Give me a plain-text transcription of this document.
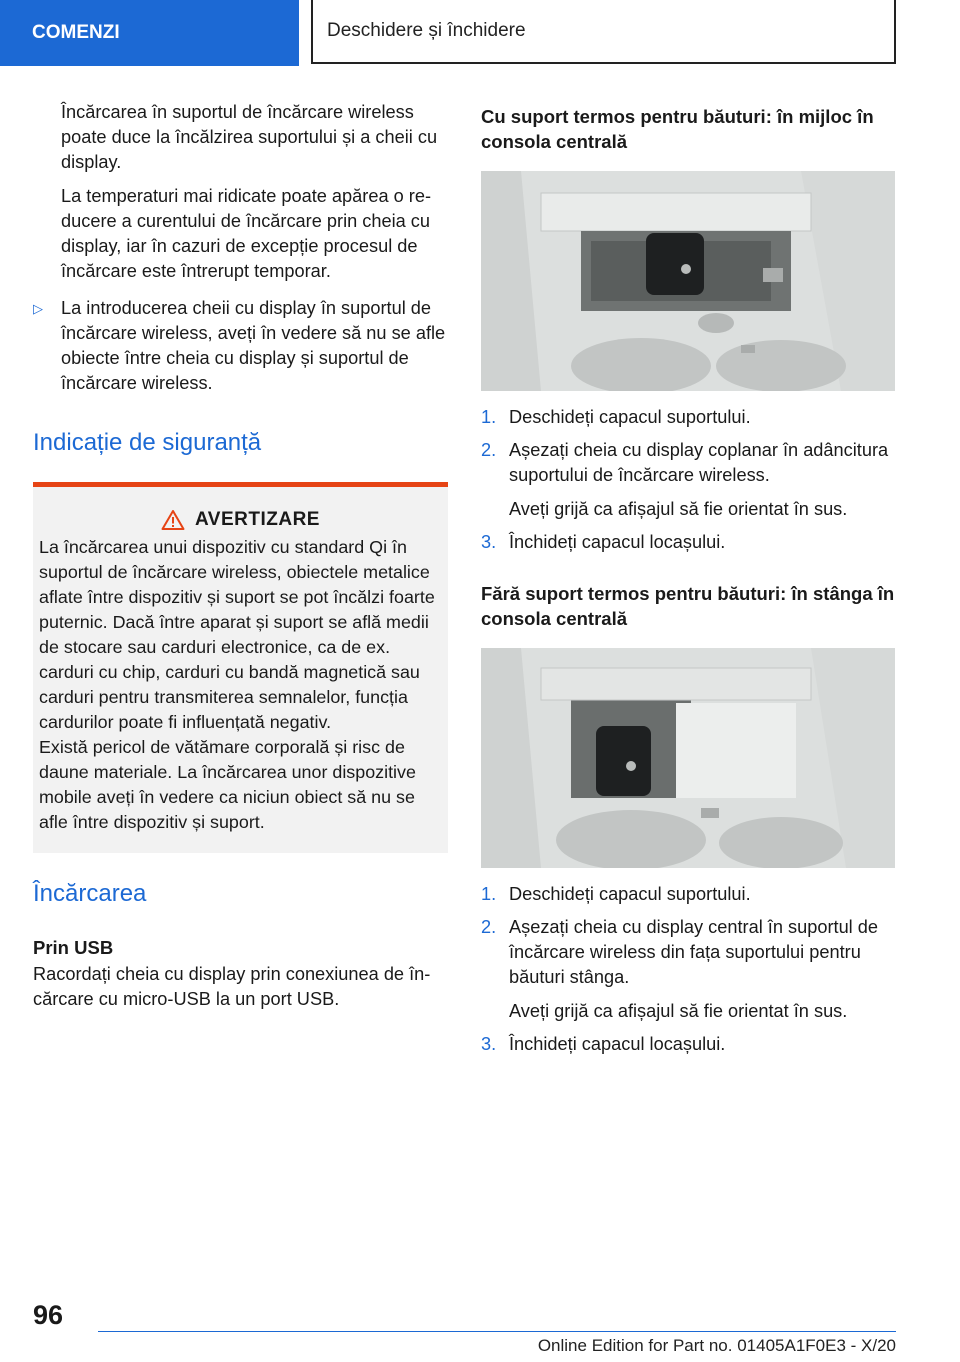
COMENZI	Deschidere și închidere

Încărcarea în suportul de încărcare wireless poate duce la încălzirea suportului și a cheii cu display.

La temperaturi mai ridicate poate apărea o reducere a curentului de încărcare prin cheia cu display, iar în cazuri de excepție procesul de încărcare este întrerupt temporar.

▷ La introducerea cheii cu display în suportul de încărcare wireless, aveți în vedere să nu se afle obiecte între cheia cu display și suportul de încărcare wireless.

Indicație de siguranță
AVERTIZARE

La încărcarea unui dispozitiv cu standard Qi în suportul de încărcare wireless, obiectele metalice aflate între dispozitiv și suport se pot încălzi foarte puternic. Dacă între aparat și suport se află medii de stocare sau carduri electronice, ca de ex. carduri cu chip, carduri cu bandă magnetică sau carduri pentru transmiterea semnalelor, funcția cardurilor poate fi influențată negativ.

Există pericol de vătămare corporală și risc de daune materiale. La încărcarea unor dispozitive mobile aveți în vedere ca niciun obiect să nu se afle între dispozitiv și suport.

Încărcarea
Prin USB

Racordați cheia cu display prin conexiunea de încărcare cu micro-USB la un port USB.

Cu suport termos pentru băuturi: în mijloc în consola centrală
1. Deschideți capacul suportului.

2. Așezați cheia cu display coplanar în adâncitura suportului de încărcare wireless.

Aveți grijă ca afișajul să fie orientat în sus.

3. Închideți capacul locașului.

Fără suport termos pentru băuturi: în stânga în consola centrală
1. Deschideți capacul suportului.

2. Așezați cheia cu display central în suportul de încărcare wireless din fața suportului pentru băuturi stânga.

Aveți grijă ca afișajul să fie orientat în sus.

3. Închideți capacul locașului.

96
Online Edition for Part no. 01405A1F0E3 - X/20
